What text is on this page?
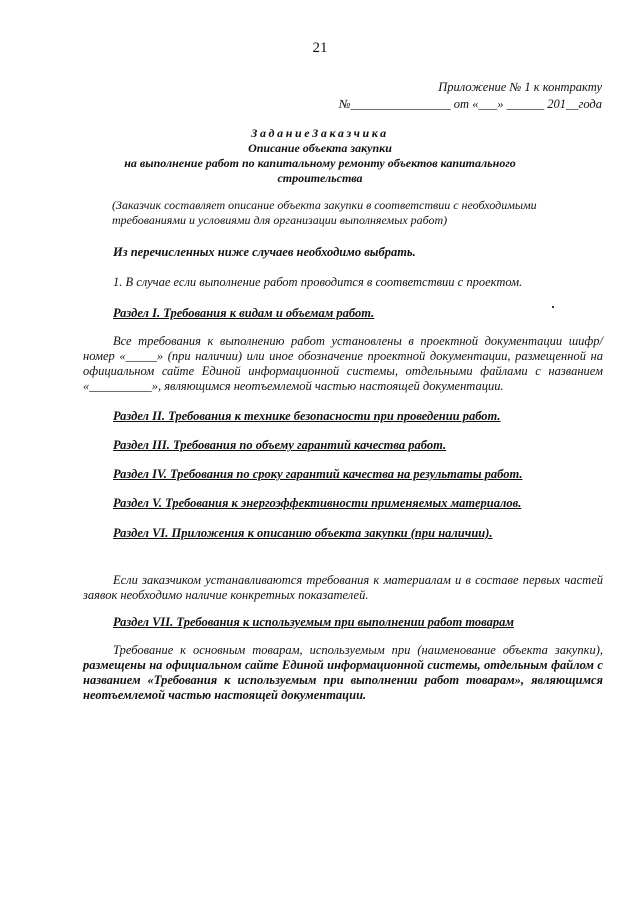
21
Приложение № 1 к контракту
№________________ от «___» ______ 201__года
ЗаданиеЗаказчика
Описание объекта закупки
на выполнение работ по капитальному ремонту объектов капитального
строительства
(Заказчик составляет описание объекта закупки в соответствии с необходимыми требованиями и условиями для организации выполняемых работ)
Из перечисленных ниже случаев необходимо выбрать.
1. В случае если выполнение работ проводится в соответствии с проектом.
Раздел I. Требования к видам и объемам работ.
Все требования к выполнению работ установлены в проектной документации шифр/номер «_____» (при наличии) или иное обозначение проектной документации, размещенной на официальном сайте Единой информационной системы, отдельными файлами с названием «__________», являющимся неотъемлемой частью настоящей документации.
Раздел II. Требования к технике безопасности при проведении работ.
Раздел III. Требования по объему гарантий качества работ.
Раздел IV. Требования по сроку гарантий качества на результаты работ.
Раздел V. Требования к энергоэффективности применяемых материалов.
Раздел VI. Приложения к описанию объекта закупки (при наличии).
Если заказчиком устанавливаются требования к материалам и в составе первых частей заявок необходимо наличие конкретных показателей.
Раздел VII. Требования к используемым при выполнении работ товарам
Требование к основным товарам, используемым при (наименование объекта закупки), размещены на официальном сайте Единой информационной системы, отдельным файлом с названием «Требования к используемым при выполнении работ товарам», являющимся неотъемлемой частью настоящей документации.
